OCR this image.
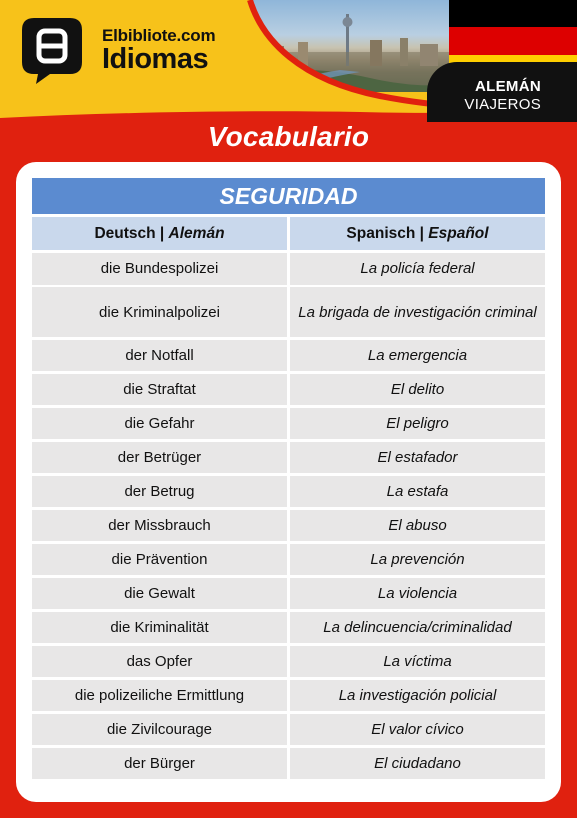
ALEMÁN
VIAJEROS
Elbibliote.com
Idiomas
Vocabulario
SEGURIDAD
Deutsch | Alemán	Spanisch | Español
die Bundespolizei	La policía federal
die Kriminalpolizei	La brigada de investigación criminal
der Notfall	La emergencia
die Straftat	El delito
die Gefahr	El peligro
der Betrüger	El estafador
der Betrug	La estafa
der Missbrauch	El abuso
die Prävention	La prevención
die Gewalt	La violencia
die Kriminalität	La delincuencia/criminalidad
das Opfer	La víctima
die polizeiliche Ermittlung	La investigación policial
die Zivilcourage	El valor cívico
der Bürger	El ciudadano
